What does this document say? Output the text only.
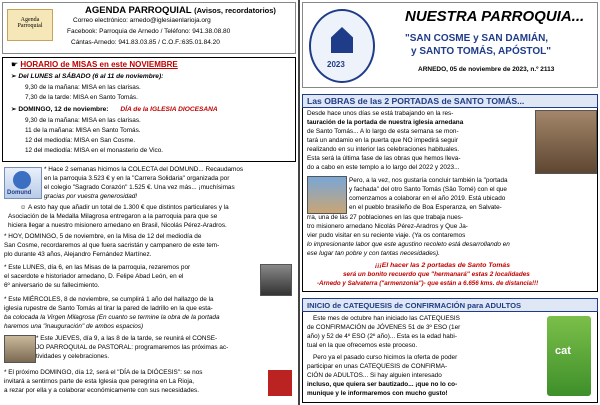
Agenda
Parroquial
AGENDA PARROQUIAL (Avisos, recordatorios)
Correo electrónico: arnedo@iglesiaenlarioja.org
Facebook: Parroquia de Arnedo / Teléfono: 941.38.08.80
Cántas-Arnedo: 941.83.03.85 / C.O.F.:635.01.84.20
☛ HORARIO de MISAS en este NOVIEMBRE
➢ Del LUNES al SÁBADO (6 al 11 de noviembre):
9,30 de la mañana: MISA en las clarisas.
7,30 de la tarde: MISA en Santo Tomás.
➢ DOMINGO, 12 de noviembre: DÍA de la IGLESIA DIOCESANA
9,30 de la mañana: MISA en las clarisas.
11 de la mañana: MISA en Santo Tomás.
12 del mediodía: MISA en San Cosme.
12 del mediodía: MISA en el monasterio de Vico.
Domund
* Hace 2 semanas hicimos la COLECTA del DOMUND... Recaudamos
en la parroquia 3.523 € y en la "Carrera Solidaria" organizada por
el colegio "Sagrado Corazón" 1.525 €. Una vez más... ¡muchísimas
gracias por vuestra generosidad!
☺ A esto hay que añadir un total de 1.300 € que distintos particulares y la
Asociación de la Medalla Milagrosa entregaron a la parroquia para que se
hiciera llegar a nuestro misionero arnedano en Brasil, Nicolás Pérez-Aradros.
* HOY, DOMINGO, 5 de noviembre, en la Misa de 12 del mediodía de
San Cosme, recordaremos al que fuera sacristán y campanero de este tem-
plo durante 43 años, Alejandro Fernández Martínez.
* Este LUNES, día 6, en las Misas de la parroquia, rezaremos por
el sacerdote e historiador arnedano, D. Felipe Abad León, en el
6º aniversario de su fallecimiento.
* Este MIÉRCOLES, 8 de noviembre, se cumplirá 1 año del hallazgo de la
iglesia rupestre de Santo Tomás al tirar la pared de ladrillo en la que esta-
ba colocada la Virgen Milagrosa (En cuanto se termine la obra de la portada
haremos una "inauguración" de ambos espacios)
* Este JUEVES, día 9, a las 8 de la tarde, se reunirá el CONSE-
JO PARROQUIAL de PASTORAL: programaremos las próximas ac-
tividades y celebraciones.
* El próximo DOMINGO, día 12, será el "DÍA de la DIÓCESIS": se nos
invitará a sentirnos parte de esta Iglesia que peregrina en La Rioja,
a rezar por ella y a colaborar económicamente con sus necesidades.
2023
NUESTRA PARROQUIA...
"SAN COSME y SAN DAMIÁN,
y SANTO TOMÁS, APÓSTOL"
ARNEDO, 05 de noviembre de 2023, n.º 2113
Las OBRAS de las 2 PORTADAS de SANTO TOMÁS...
Desde hace unos días se está trabajando en la res-
tauración de la portada de nuestra iglesia arnedana
de Santo Tomás... A lo largo de esta semana se mon-
tará un andamio en la puerta que NO impedirá seguir
realizando en su interior las celebraciones habituales.
Esta será la última fase de las obras que hemos lleva-
do a cabo en este templo a lo largo del 2022 y 2023...
Pero, a la vez, nos gustaría concluir también la "portada
y fachada" del otro Santo Tomás (Sâo Tomé) con el que
comenzamos a colaborar en el año 2019. Está ubicado
en el pueblo brasileño de Boa Esperanza, en Salvate-
rra, una de las 27 poblaciones en las que trabaja nues-
tro misionero arnedano Nicolás Pérez-Aradros y Que Ja-
vier pudo visitar en su reciente viaje. (Ya os contaremos
lo impresionante labor que este agustino recoleto está desarrollando en
ese lugar tan pobre y con tantas necesidades).
¡¡¡El hacer las 2 portadas de Santo Tomás
será un bonito recuerdo que "hermanará" estas 2 localidades
-Arnedo y Salvaterra ("armenzonia")- que están a 6.656 kms. de distancia!!!
INICIO de CATEQUESIS de CONFIRMACIÓN para ADULTOS
Este mes de octubre han iniciado las CATEQUESIS
de CONFIRMACIÓN de JÓVENES 51 de 3º ESO (1er
año) y 52 de 4º ESO (2º año)... Esta es la edad habi-
tual en la que ofrecemos este proceso.
Pero ya el pasado curso hicimos la oferta de poder
participar en unas CATEQUESIS de CONFIRMA-
CIÓN de ADULTOS... Si hay alguien interesado
incluso, que quiera ser bautizado... ¡que no lo co-
munique y le informaremos con mucho gusto!
cat
